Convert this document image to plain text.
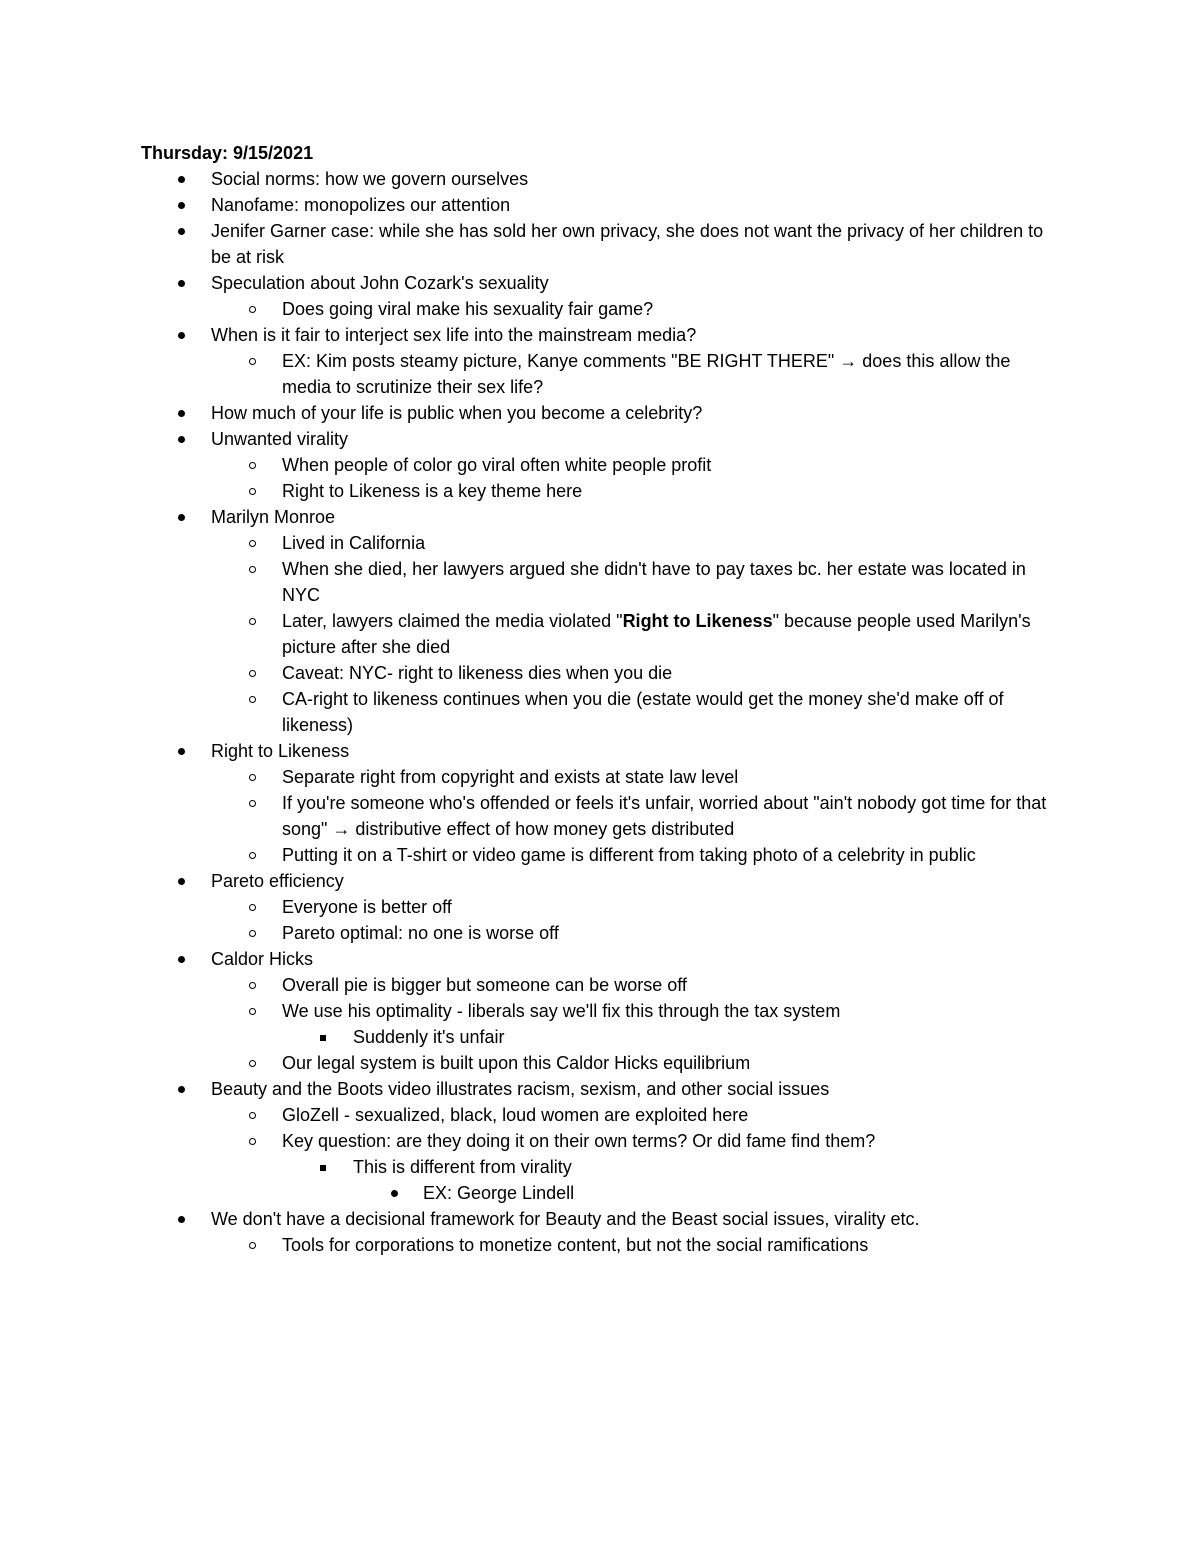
Thursday: 9/15/2021
Social norms: how we govern ourselves
Nanofame: monopolizes our attention
Jenifer Garner case: while she has sold her own privacy, she does not want the privacy of her children to be at risk
Speculation about John Cozark's sexuality
Does going viral make his sexuality fair game?
When is it fair to interject sex life into the mainstream media?
EX: Kim posts steamy picture, Kanye comments "BE RIGHT THERE" → does this allow the media to scrutinize their sex life?
How much of your life is public when you become a celebrity?
Unwanted virality
When people of color go viral often white people profit
Right to Likeness is a key theme here
Marilyn Monroe
Lived in California
When she died, her lawyers argued she didn't have to pay taxes bc. her estate was located in NYC
Later, lawyers claimed the media violated "Right to Likeness" because people used Marilyn's picture after she died
Caveat: NYC- right to likeness dies when you die
CA-right to likeness continues when you die (estate would get the money she'd make off of likeness)
Right to Likeness
Separate right from copyright and exists at state law level
If you're someone who's offended or feels it's unfair, worried about "ain't nobody got time for that song" → distributive effect of how money gets distributed
Putting it on a T-shirt or video game is different from taking photo of a celebrity in public
Pareto efficiency
Everyone is better off
Pareto optimal: no one is worse off
Caldor Hicks
Overall pie is bigger but someone can be worse off
We use his optimality - liberals say we'll fix this through the tax system
Suddenly it's unfair
Our legal system is built upon this Caldor Hicks equilibrium
Beauty and the Boots video illustrates racism, sexism, and other social issues
GloZell - sexualized, black, loud women are exploited here
Key question: are they doing it on their own terms? Or did fame find them?
This is different from virality
EX: George Lindell
We don't have a decisional framework for Beauty and the Beast social issues, virality etc.
Tools for corporations to monetize content, but not the social ramifications
